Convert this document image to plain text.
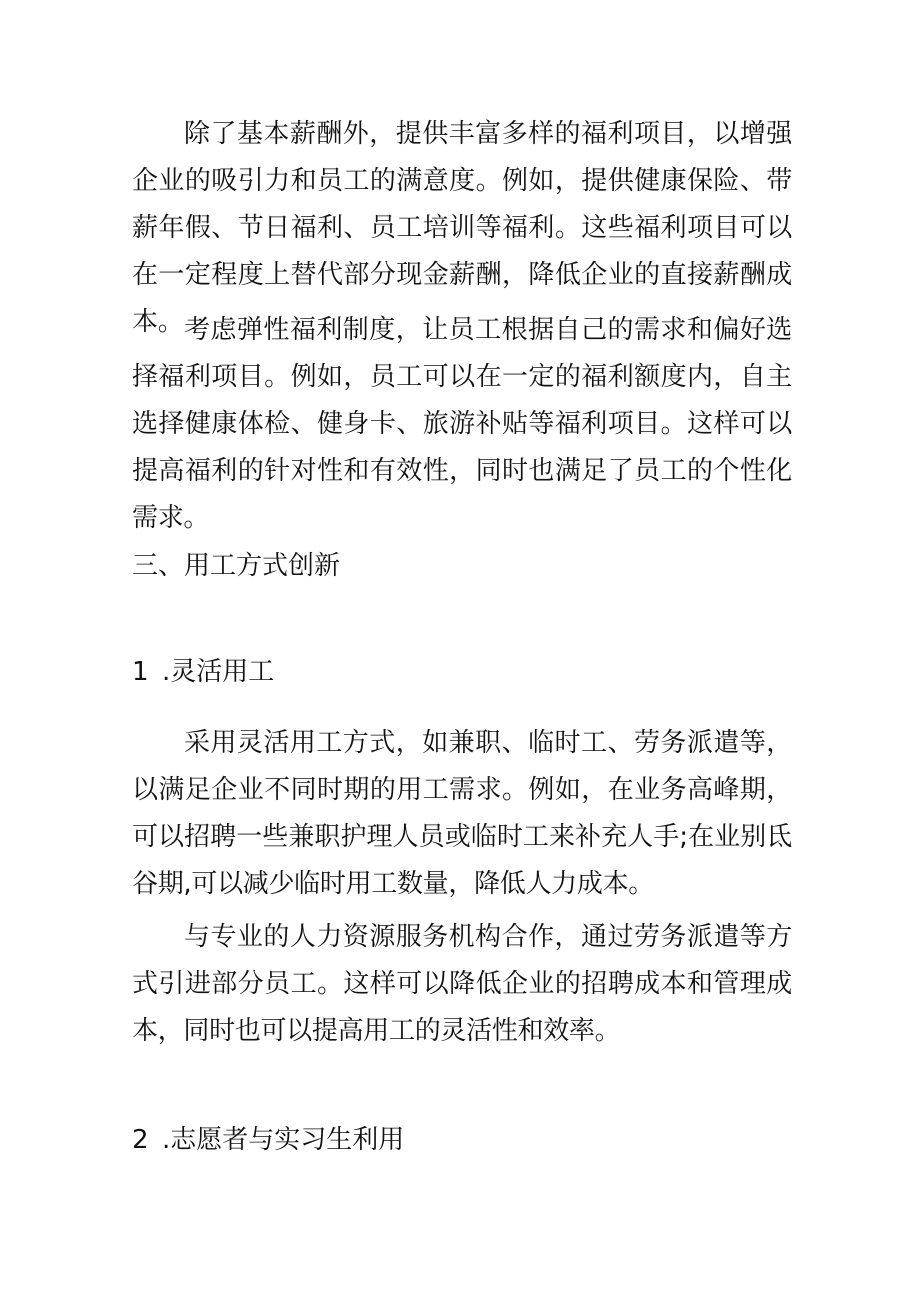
除了基本薪酬外，提供丰富多样的福利项目，以增强企业的吸引力和员工的满意度。例如，提供健康保险、带薪年假、节日福利、员工培训等福利。这些福利项目可以在一定程度上替代部分现金薪酬，降低企业的直接薪酬成本。 考虑弹性福利制度，让员工根据自己的需求和偏好选择福利项目。例如，员工可以在一定的福利额度内，自主选择健康体检、健身卡、旅游补贴等福利项目。这样可以提高福利的针对性和有效性，同时也满足了员工的个性化需求。

三、用工方式创新
1 .灵活用工

采用灵活用工方式，如兼职、临时工、劳务派遣等，以满足企业不同时期的用工需求。例如，在业务高峰期，可以招聘一些兼职护理人员或临时工来补充人手;在业别氐谷期,可以减少临时用工数量，降低人力成本。

与专业的人力资源服务机构合作，通过劳务派遣等方式引进部分员工。这样可以降低企业的招聘成本和管理成本，同时也可以提高用工的灵活性和效率。

2 .志愿者与实习生利用
